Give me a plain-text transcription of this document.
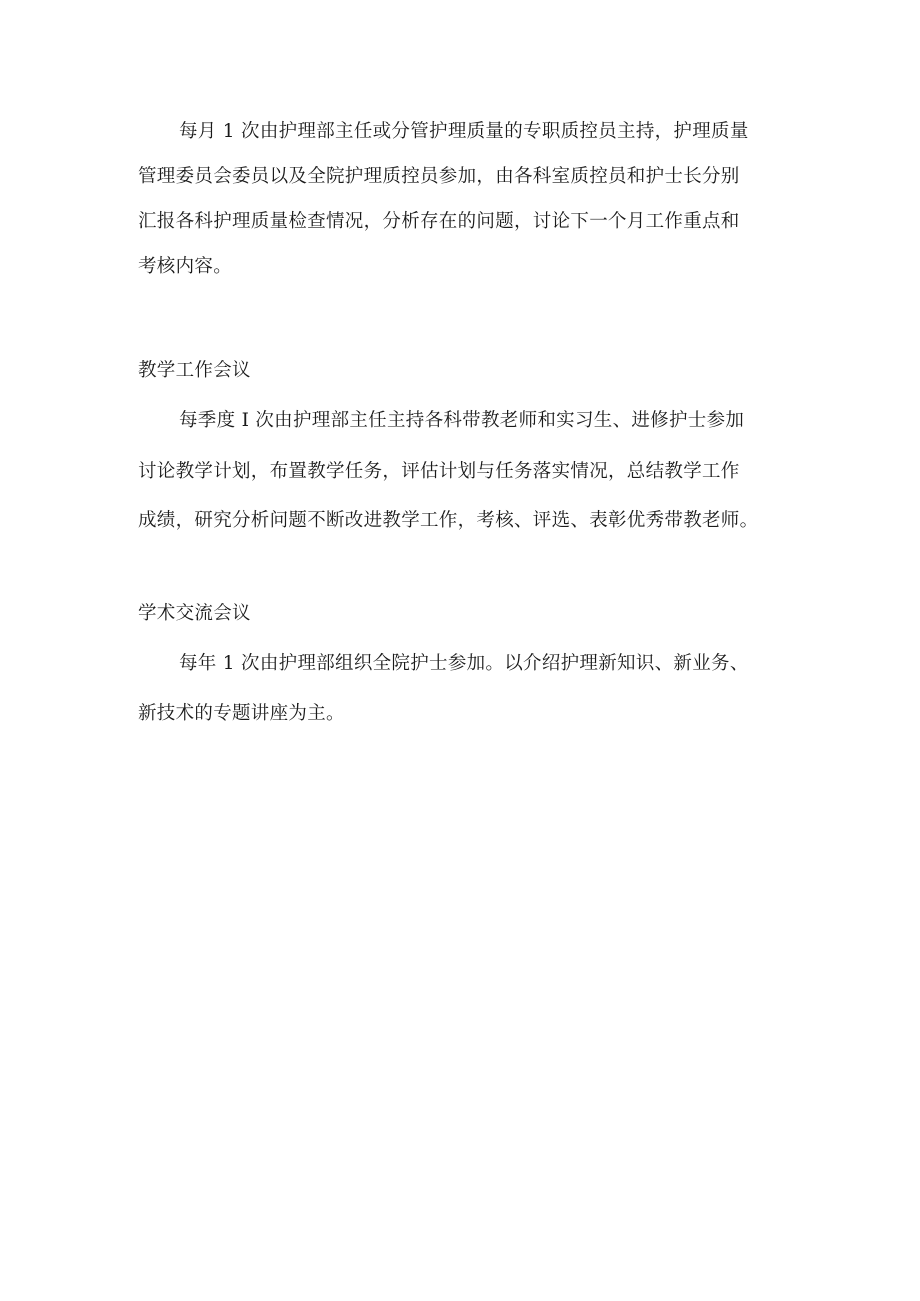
每月 1 次由护理部主任或分管护理质量的专职质控员主持，护理质量
管理委员会委员以及全院护理质控员参加，由各科室质控员和护士长分别
汇报各科护理质量检查情况，分析存在的问题，讨论下一个月工作重点和
考核内容。
教学工作会议
每季度 I 次由护理部主任主持各科带教老师和实习生、进修护士参加
讨论教学计划，布置教学任务，评估计划与任务落实情况，总结教学工作
成绩，研究分析问题不断改进教学工作，考核、评选、表彰优秀带教老师。
学术交流会议
每年 1 次由护理部组织全院护士参加。以介绍护理新知识、新业务、
新技术的专题讲座为主。
